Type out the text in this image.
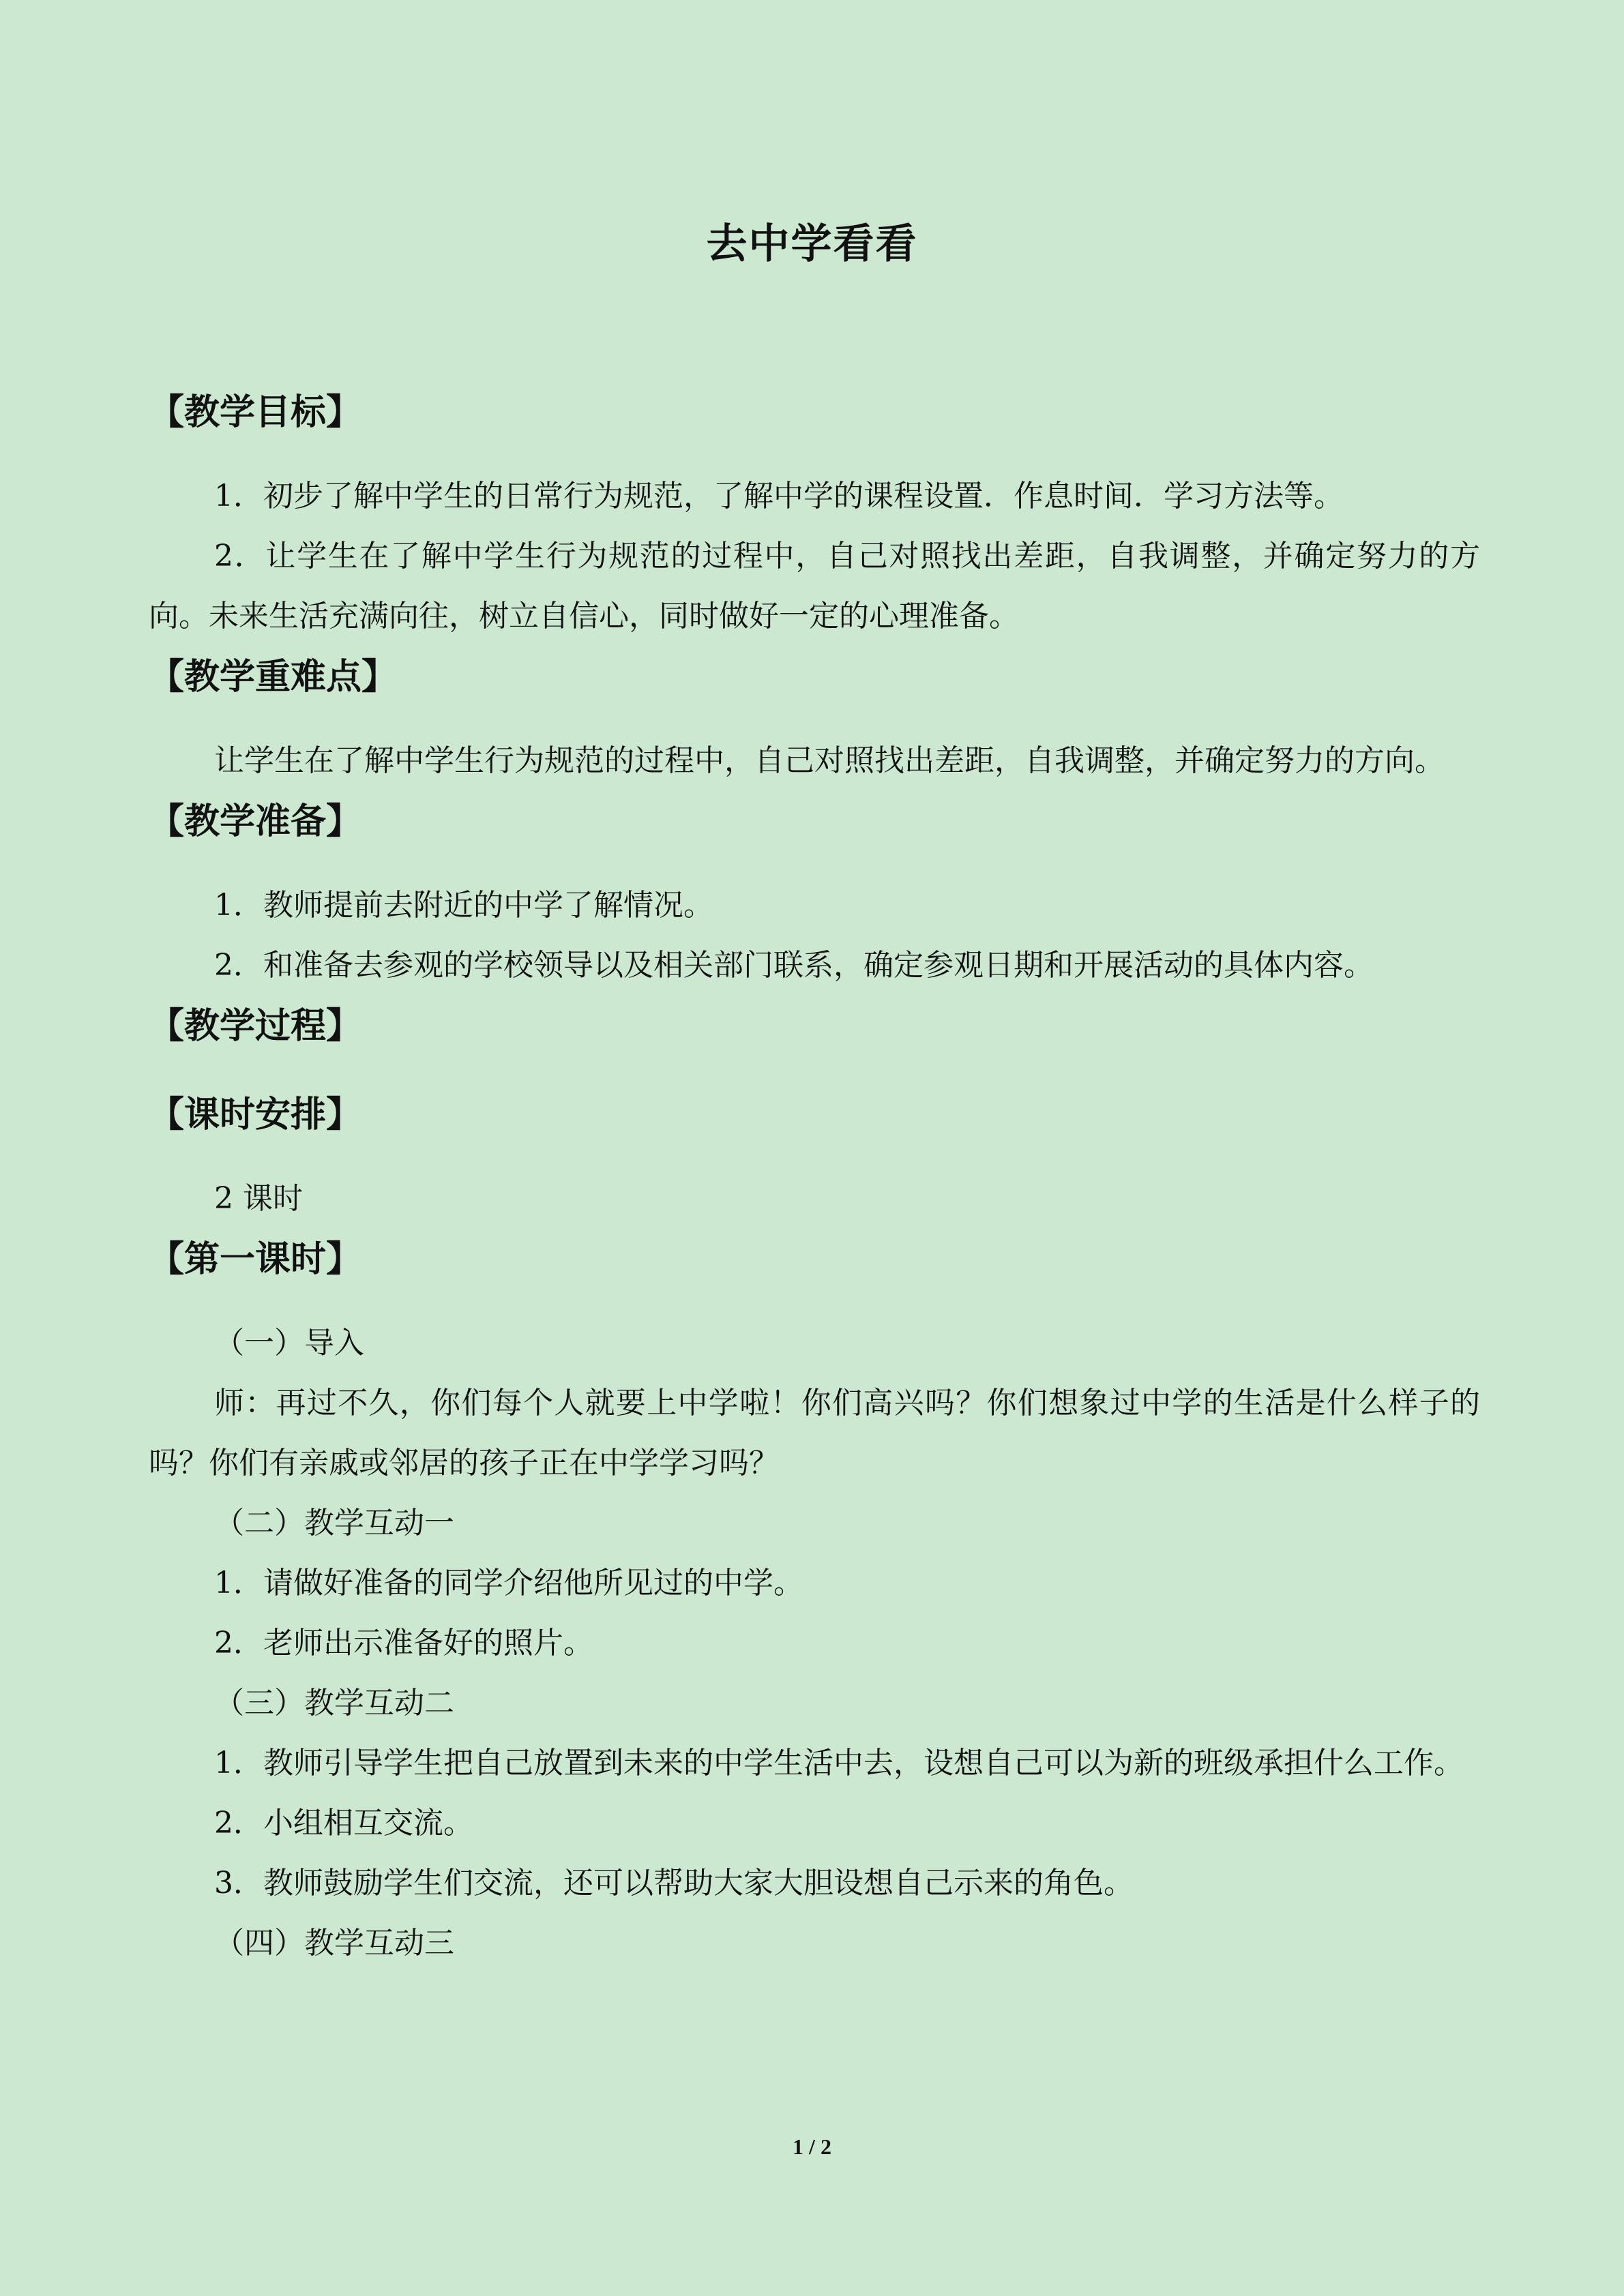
去中学看看

【教学目标】

1．初步了解中学生的日常行为规范，了解中学的课程设置．作息时间．学习方法等。

2．让学生在了解中学生行为规范的过程中，自己对照找出差距，自我调整，并确定努力的方向。未来生活充满向往，树立自信心，同时做好一定的心理准备。

【教学重难点】

让学生在了解中学生行为规范的过程中，自己对照找出差距，自我调整，并确定努力的方向。

【教学准备】

1．教师提前去附近的中学了解情况。

2．和准备去参观的学校领导以及相关部门联系，确定参观日期和开展活动的具体内容。

【教学过程】

【课时安排】

2 课时

【第一课时】

（一）导入

师：再过不久，你们每个人就要上中学啦！你们高兴吗？你们想象过中学的生活是什么样子的吗？你们有亲戚或邻居的孩子正在中学学习吗？

（二）教学互动一

1．请做好准备的同学介绍他所见过的中学。

2．老师出示准备好的照片。

（三）教学互动二

1．教师引导学生把自己放置到未来的中学生活中去，设想自己可以为新的班级承担什么工作。

2．小组相互交流。

3．教师鼓励学生们交流，还可以帮助大家大胆设想自己示来的角色。

（四）教学互动三

1 / 2
